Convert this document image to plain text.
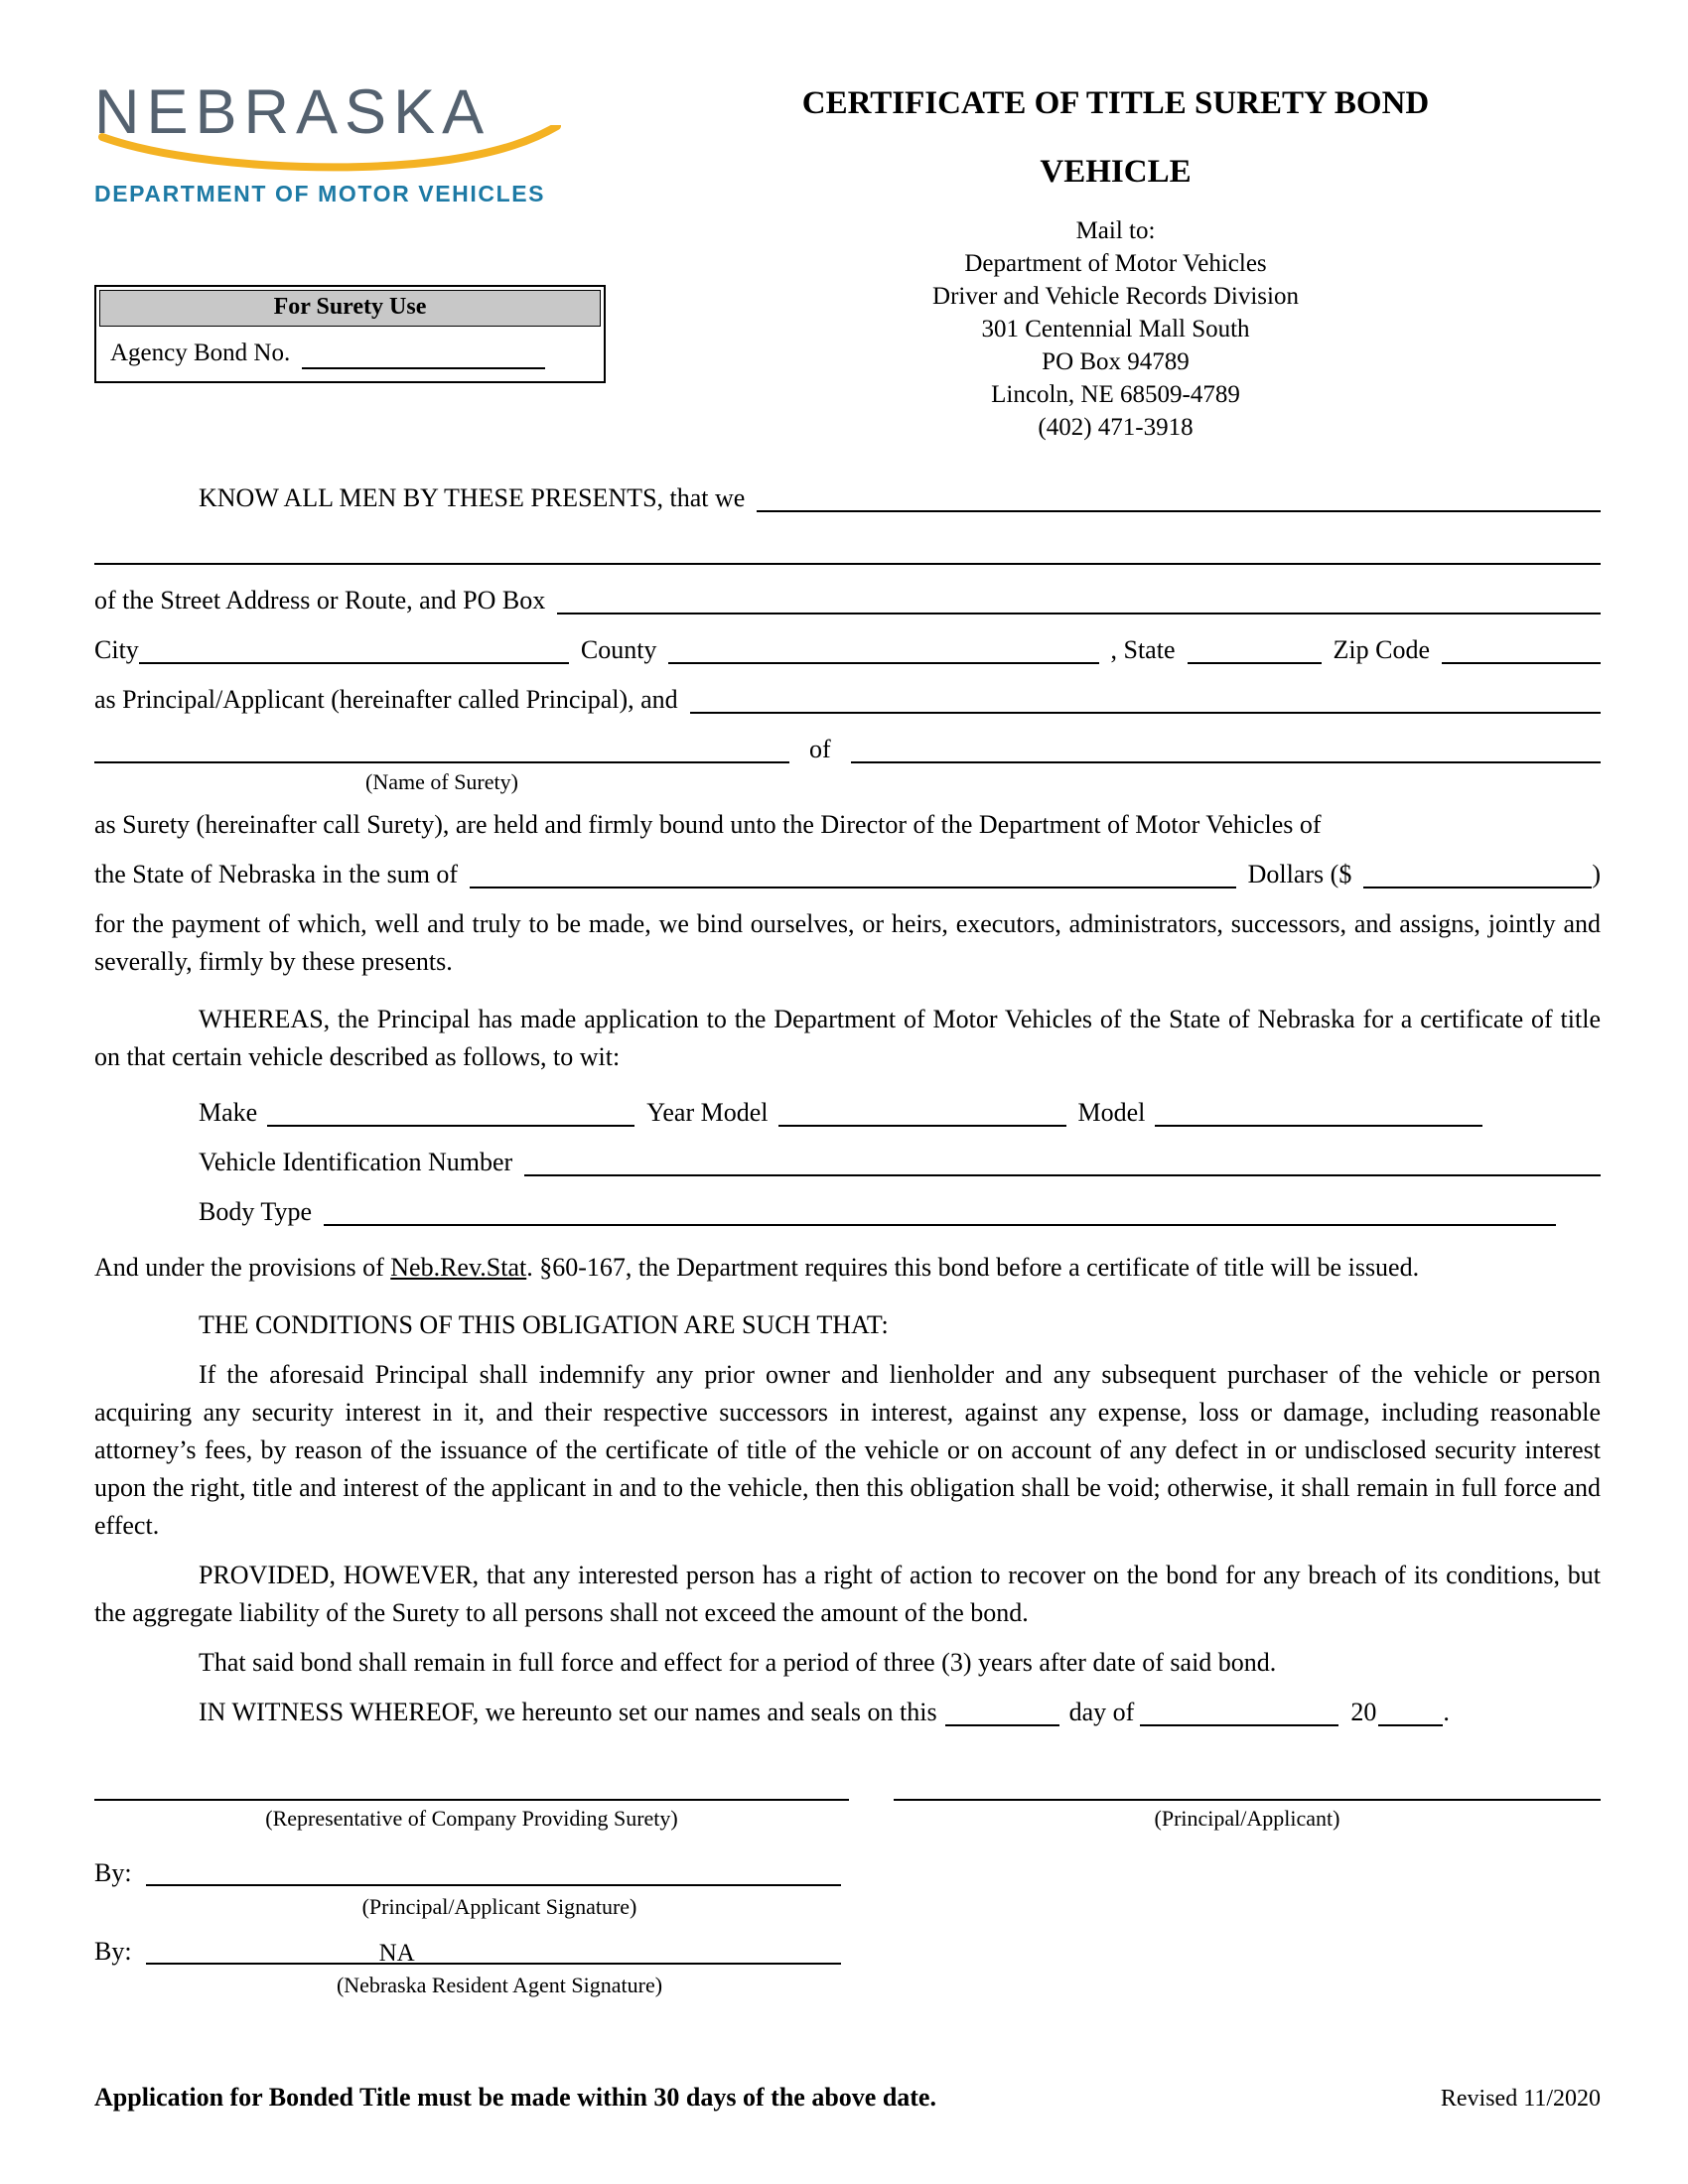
NEBRASKA
DEPARTMENT OF MOTOR VEHICLES
For Surety Use
Agency Bond No.
CERTIFICATE OF TITLE SURETY BOND
VEHICLE
Mail to:
Department of Motor Vehicles
Driver and Vehicle Records Division
301 Centennial Mall South
PO Box 94789
Lincoln, NE 68509-4789
(402) 471-3918
KNOW ALL MEN BY THESE PRESENTS, that we
of the Street Address or Route, and PO Box
City	County	, State	Zip Code
as Principal/Applicant (hereinafter called Principal), and
of
(Name of Surety)
as Surety (hereinafter call Surety), are held and firmly bound unto the Director of the Department of Motor Vehicles of
the State of Nebraska in the sum of	Dollars ($	)
for the payment of which, well and truly to be made, we bind ourselves, or heirs, executors, administrators, successors, and assigns, jointly and severally, firmly by these presents.
WHEREAS, the Principal has made application to the Department of Motor Vehicles of the State of Nebraska for a certificate of title on that certain vehicle described as follows, to wit:
Make	Year Model	Model
Vehicle Identification Number
Body Type
And under the provisions of Neb.Rev.Stat. §60-167, the Department requires this bond before a certificate of title will be issued.
THE CONDITIONS OF THIS OBLIGATION ARE SUCH THAT:
If the aforesaid Principal shall indemnify any prior owner and lienholder and any subsequent purchaser of the vehicle or person acquiring any security interest in it, and their respective successors in interest, against any expense, loss or damage, including reasonable attorney’s fees, by reason of the issuance of the certificate of title of the vehicle or on account of any defect in or undisclosed security interest upon the right, title and interest of the applicant in and to the vehicle, then this obligation shall be void; otherwise, it shall remain in full force and effect.
PROVIDED, HOWEVER, that any interested person has a right of action to recover on the bond for any breach of its conditions, but the aggregate liability of the Surety to all persons shall not exceed the amount of the bond.
That said bond shall remain in full force and effect for a period of three (3) years after date of said bond.
IN WITNESS WHEREOF, we hereunto set our names and seals on this	day of	20	.
(Representative of Company Providing Surety)	(Principal/Applicant)
By:
(Principal/Applicant Signature)
By:	NA
(Nebraska Resident Agent Signature)
Application for Bonded Title must be made within 30 days of the above date.	Revised 11/2020
